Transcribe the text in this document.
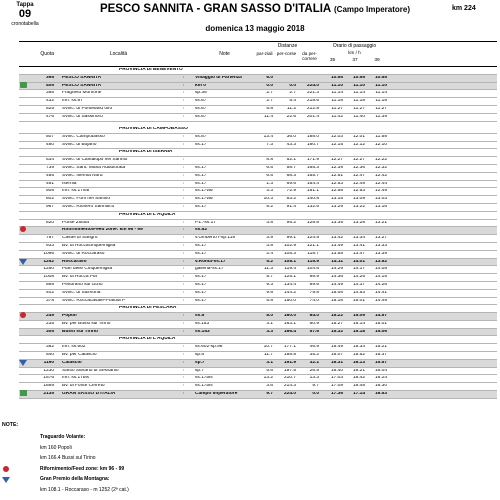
Tappa
09
cronotabella
PESCO SANNITA - GRAN SASSO D'ITALIA (Campo Imperatore)
domenica 13 maggio 2018
km 224
Quota	Località	Note
Distanze
par-ziali per-corse	da per-correre
Orario di passaggio
km / h
35	37	39
PROVINCIA DI BENEVENTO
395	PESCO SANNITA	↑	Villaggio di Partenza	6.0	10.55	10.55	10.55
405	PESCO SANNITA	↑	km 0	0.0	0.0	224.0	11.10	11.10	11.10
386	Fragneto Monforte	↑	sp.36	2.7	2.7	221.3	11.14	11.14	11.14
432	Inn. ss.87	↑	ss.87	2.7	5.4	218.6	11.18	11.18	11.18
525	Svinc. di Ponteland olfo	↑	ss.87	5.8	11.2	212.8	11.27	11.27	11.27
476	Svinc. di Sassinoro	↑	ss.87	11.4	22.6	201.4	11.42	11.40	11.39
PROVINCIA DI CAMPOBASSO
507	Svinc. Campobasso	↑	ss.87	13.4	36.0	188.0	12.03	12.01	11.58
480	Svinc. di Bojano	↑	ss.17	7.3	43.3	180.7	12.15	12.12	12.10
PROVINCIA DI ISERNIA
534	Svinc. di Cantalupo nel Sannio	↑	8.8	52.1	171.9	12.27	12.27	12.22
739	Svinc. Sant. Maria Addolorata	↑	ss.17	6.6	58.7	165.3	12.39	12.36	12.32
485	Svinc. Isernia Nord	↑	ss.17	6.6	68.3	155.7	12.51	12.47	12.42
461	Isernia	↑	ss.17	1.3	69.6	154.4	12.53	12.49	12.44
508	Inn. ss.17var	↑	ss.17var	3.3	72.9	151.1	12.58	12.53	12.49
602	Svinc. Forlì nel Sannio	↑	ss.17var	10.3	83.2	140.8	13.15	13.09	13.03
967	Svinc. Rionero Sannitico	↑	ss.17	8.2	91.4	132.6	13.29	13.22	13.16
PROVINCIA DI L'AQUILA
820	Ponte Zittola	↑	P.L.-ss.17	3.8	95.2	128.8	13.35	13.28	13.21
Rifornimento/Feed zone: km 96 - 99	↑	ss.52
797	Castel di Sangro	↑	v.Umberto I-sp.119	3.9	99.1	124.9	13.42	13.34	13.27
933	Bv. di Roccacinquemiglia	↑	ss.17	3.8	102.9	121.1	13.49	13.41	13.33
1096	Svinc. di Roccaraso	↑	ss.17	2.4	105.3	118.7	13.55	13.47	13.39
1252	Roccaraso	↑	v.Roma-ss.17	5.2	108.1	115.9	14.11	14.01	13.52
1280	Pian delle Cinquemiglia	↑	galleria-ss.17	11.3	119.4	104.6	14.29	14.17	14.08
1008	Bv. di Rocca Pia	↑	ss.17	5.7	125.1	98.9	14.36	14.25	14.15
569	Pettorano sul Gizio	↑	ss.17	9.3	134.4	89.6	14.49	14.37	14.26
402	Svinc. di Sulmona	↑	ss.17	9.8	144.2	79.8	15.06	14.53	14.41
378	Svinc. Roccacasale-Pratola P	↑	ss.17	5.8	150.0	74.0	15.16	15.01	14.49
PROVINCIA DI PESCARA
249	Popoli	↑	ss.5	8.0	160.0	64.0	15.22	15.09	14.57
235	Bv. per Bussi sul Tirino	↑	ss.153	3.1	163.1	60.9	15.27	15.14	15.01
305	Bussi sul Tirino	↑	ss.153	3.3	166.4	57.6	15.32	15.18	15.06
PROVINCIA DI L'AQUILA
382	Inn. ss.602	↑	ss.602-sp.98	10.7	177.1	46.9	15.49	15.34	15.21
540	Bv. per Calascio	↑	sp.8	11.7	188.8	35.2	16.07	15.52	15.37
1190	Calascio	↑	sp.7	3.1	191.9	32.1	16.31	16.13	15.57
1230	Santo Stefano di Sessanio	↑	sp.7	5.6	197.5	26.5	16.40	16.21	16.04
1576	Inn. ss.17bis	↑	ss.17bis	13.2	210.7	13.3	17.03	16.42	16.24
1669	Bv. di Fonte Cerreto	↑	ss.17bis	3.6	214.3	9.7	17.09	16.48	16.30
2135	GRAN SASSO D'ITALIA	↑	Campo Imperatore	9.7	224.0	0.0	17.36	17.14	16.53
NOTE:
Traguardo Volante:
km 160 Popoli
km 166.4 Bussi sul Tirino
Rifornimento/Feed zone: km 96 - 99
Gran Premio della Montagna:
km 108.1 - Roccaraso - m 1252 (2ª cat.)
